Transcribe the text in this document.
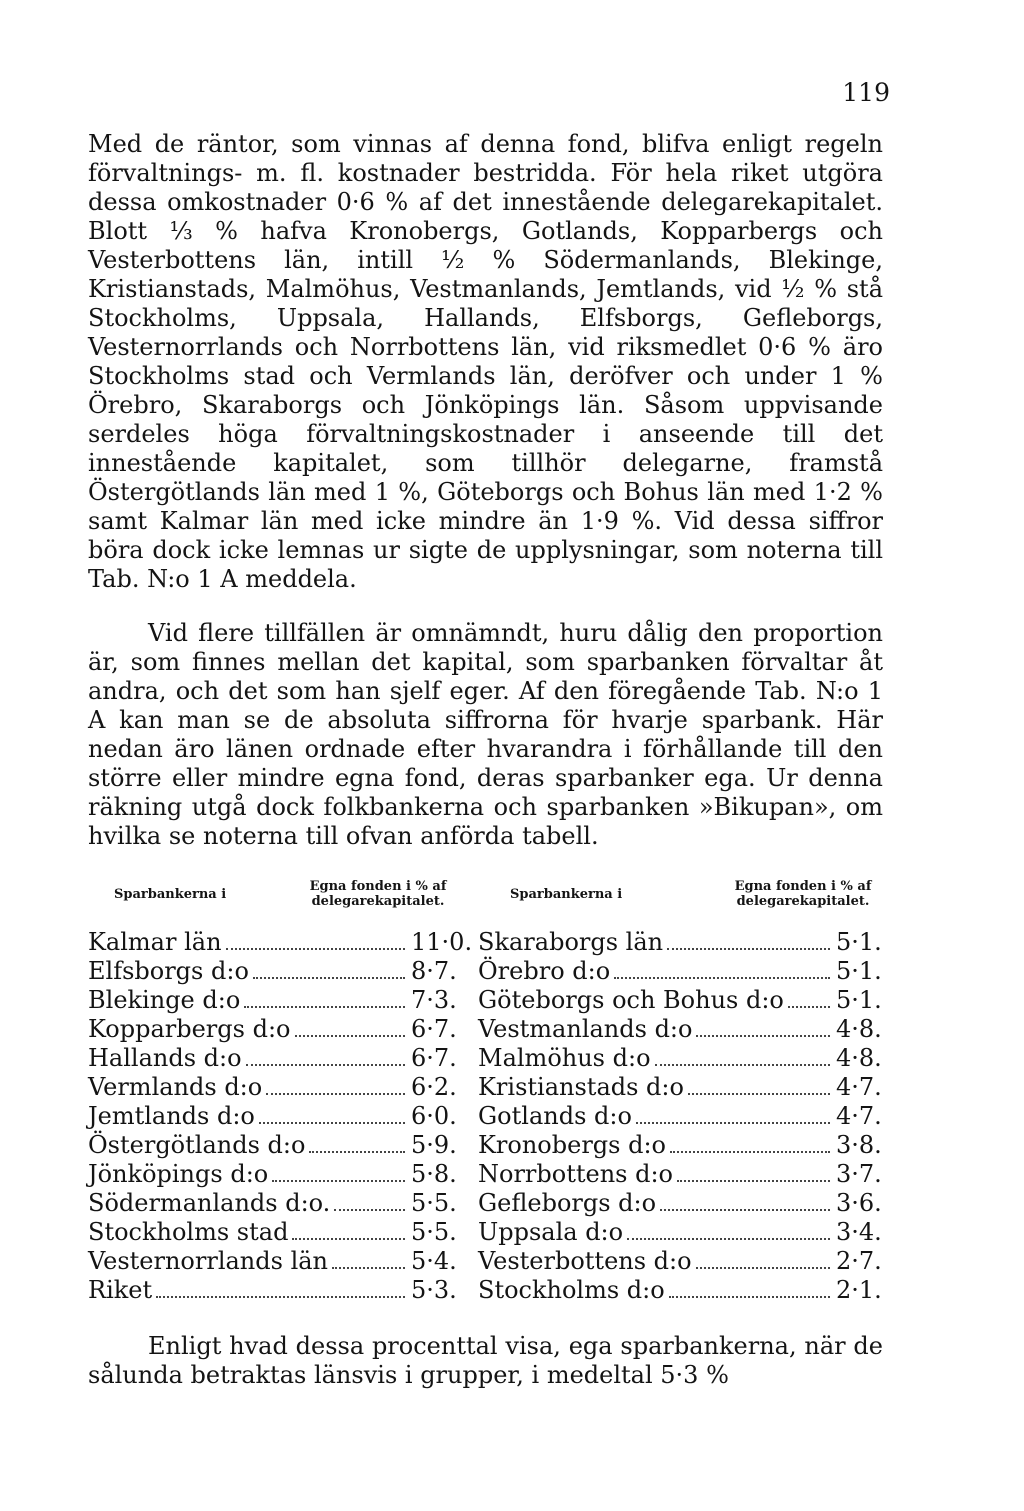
119

Med de räntor, som vinnas af denna fond, blifva enligt regeln förvaltnings- m. fl. kostnader bestridda. För hela riket utgöra dessa omkostnader 0·6 % af det innestående delegarekapitalet. Blott ⅓ % hafva Kronobergs, Gotlands, Kopparbergs och Vesterbottens län, intill ½ % Södermanlands, Blekinge, Kristianstads, Malmöhus, Vestmanlands, Jemtlands, vid ½ % stå Stockholms, Uppsala, Hallands, Elfsborgs, Gefleborgs, Vesternorrlands och Norrbottens län, vid riksmedlet 0·6 % äro Stockholms stad och Vermlands län, deröfver och under 1 % Örebro, Skaraborgs och Jönköpings län. Såsom uppvisande serdeles höga förvaltningskostnader i anseende till det innestående kapitalet, som tillhör delegarne, framstå Östergötlands län med 1 %, Göteborgs och Bohus län med 1·2 % samt Kalmar län med icke mindre än 1·9 %. Vid dessa siffror böra dock icke lemnas ur sigte de upplysningar, som noterna till Tab. N:o 1 A meddela.

Vid flere tillfällen är omnämndt, huru dålig den proportion är, som finnes mellan det kapital, som sparbanken förvaltar åt andra, och det som han sjelf eger. Af den föregående Tab. N:o 1 A kan man se de absoluta siffrorna för hvarje sparbank. Här nedan äro länen ordnade efter hvarandra i förhållande till den större eller mindre egna fond, deras sparbanker ega. Ur denna räkning utgå dock folkbankerna och sparbanken »Bikupan», om hvilka se noterna till ofvan anförda tabell.

Sparbankerna i	Egna fonden i % af delegarekapitalet.
Kalmar län	11·0.
Elfsborgs d:o	8·7.
Blekinge d:o	7·3.
Kopparbergs d:o	6·7.
Hallands d:o	6·7.
Vermlands d:o	6·2.
Jemtlands d:o	6·0.
Östergötlands d:o	5·9.
Jönköpings d:o	5·8.
Södermanlands d:o.	5·5.
Stockholms stad	5·5.
Vesternorrlands län	5·4.
Riket	5·3.
Sparbankerna i	Egna fonden i % af delegarekapitalet.
Skaraborgs län	5·1.
Örebro d:o	5·1.
Göteborgs och Bohus d:o 5·1.
Vestmanlands d:o	4·8.
Malmöhus d:o	4·8.
Kristianstads d:o	4·7.
Gotlands d:o	4·7.
Kronobergs d:o	3·8.
Norrbottens d:o	3·7.
Gefleborgs d:o	3·6.
Uppsala d:o	3·4.
Vesterbottens d:o	2·7.
Stockholms d:o	2·1.

Enligt hvad dessa procenttal visa, ega sparbankerna, när de sålunda betraktas länsvis i grupper, i medeltal 5·3 %
